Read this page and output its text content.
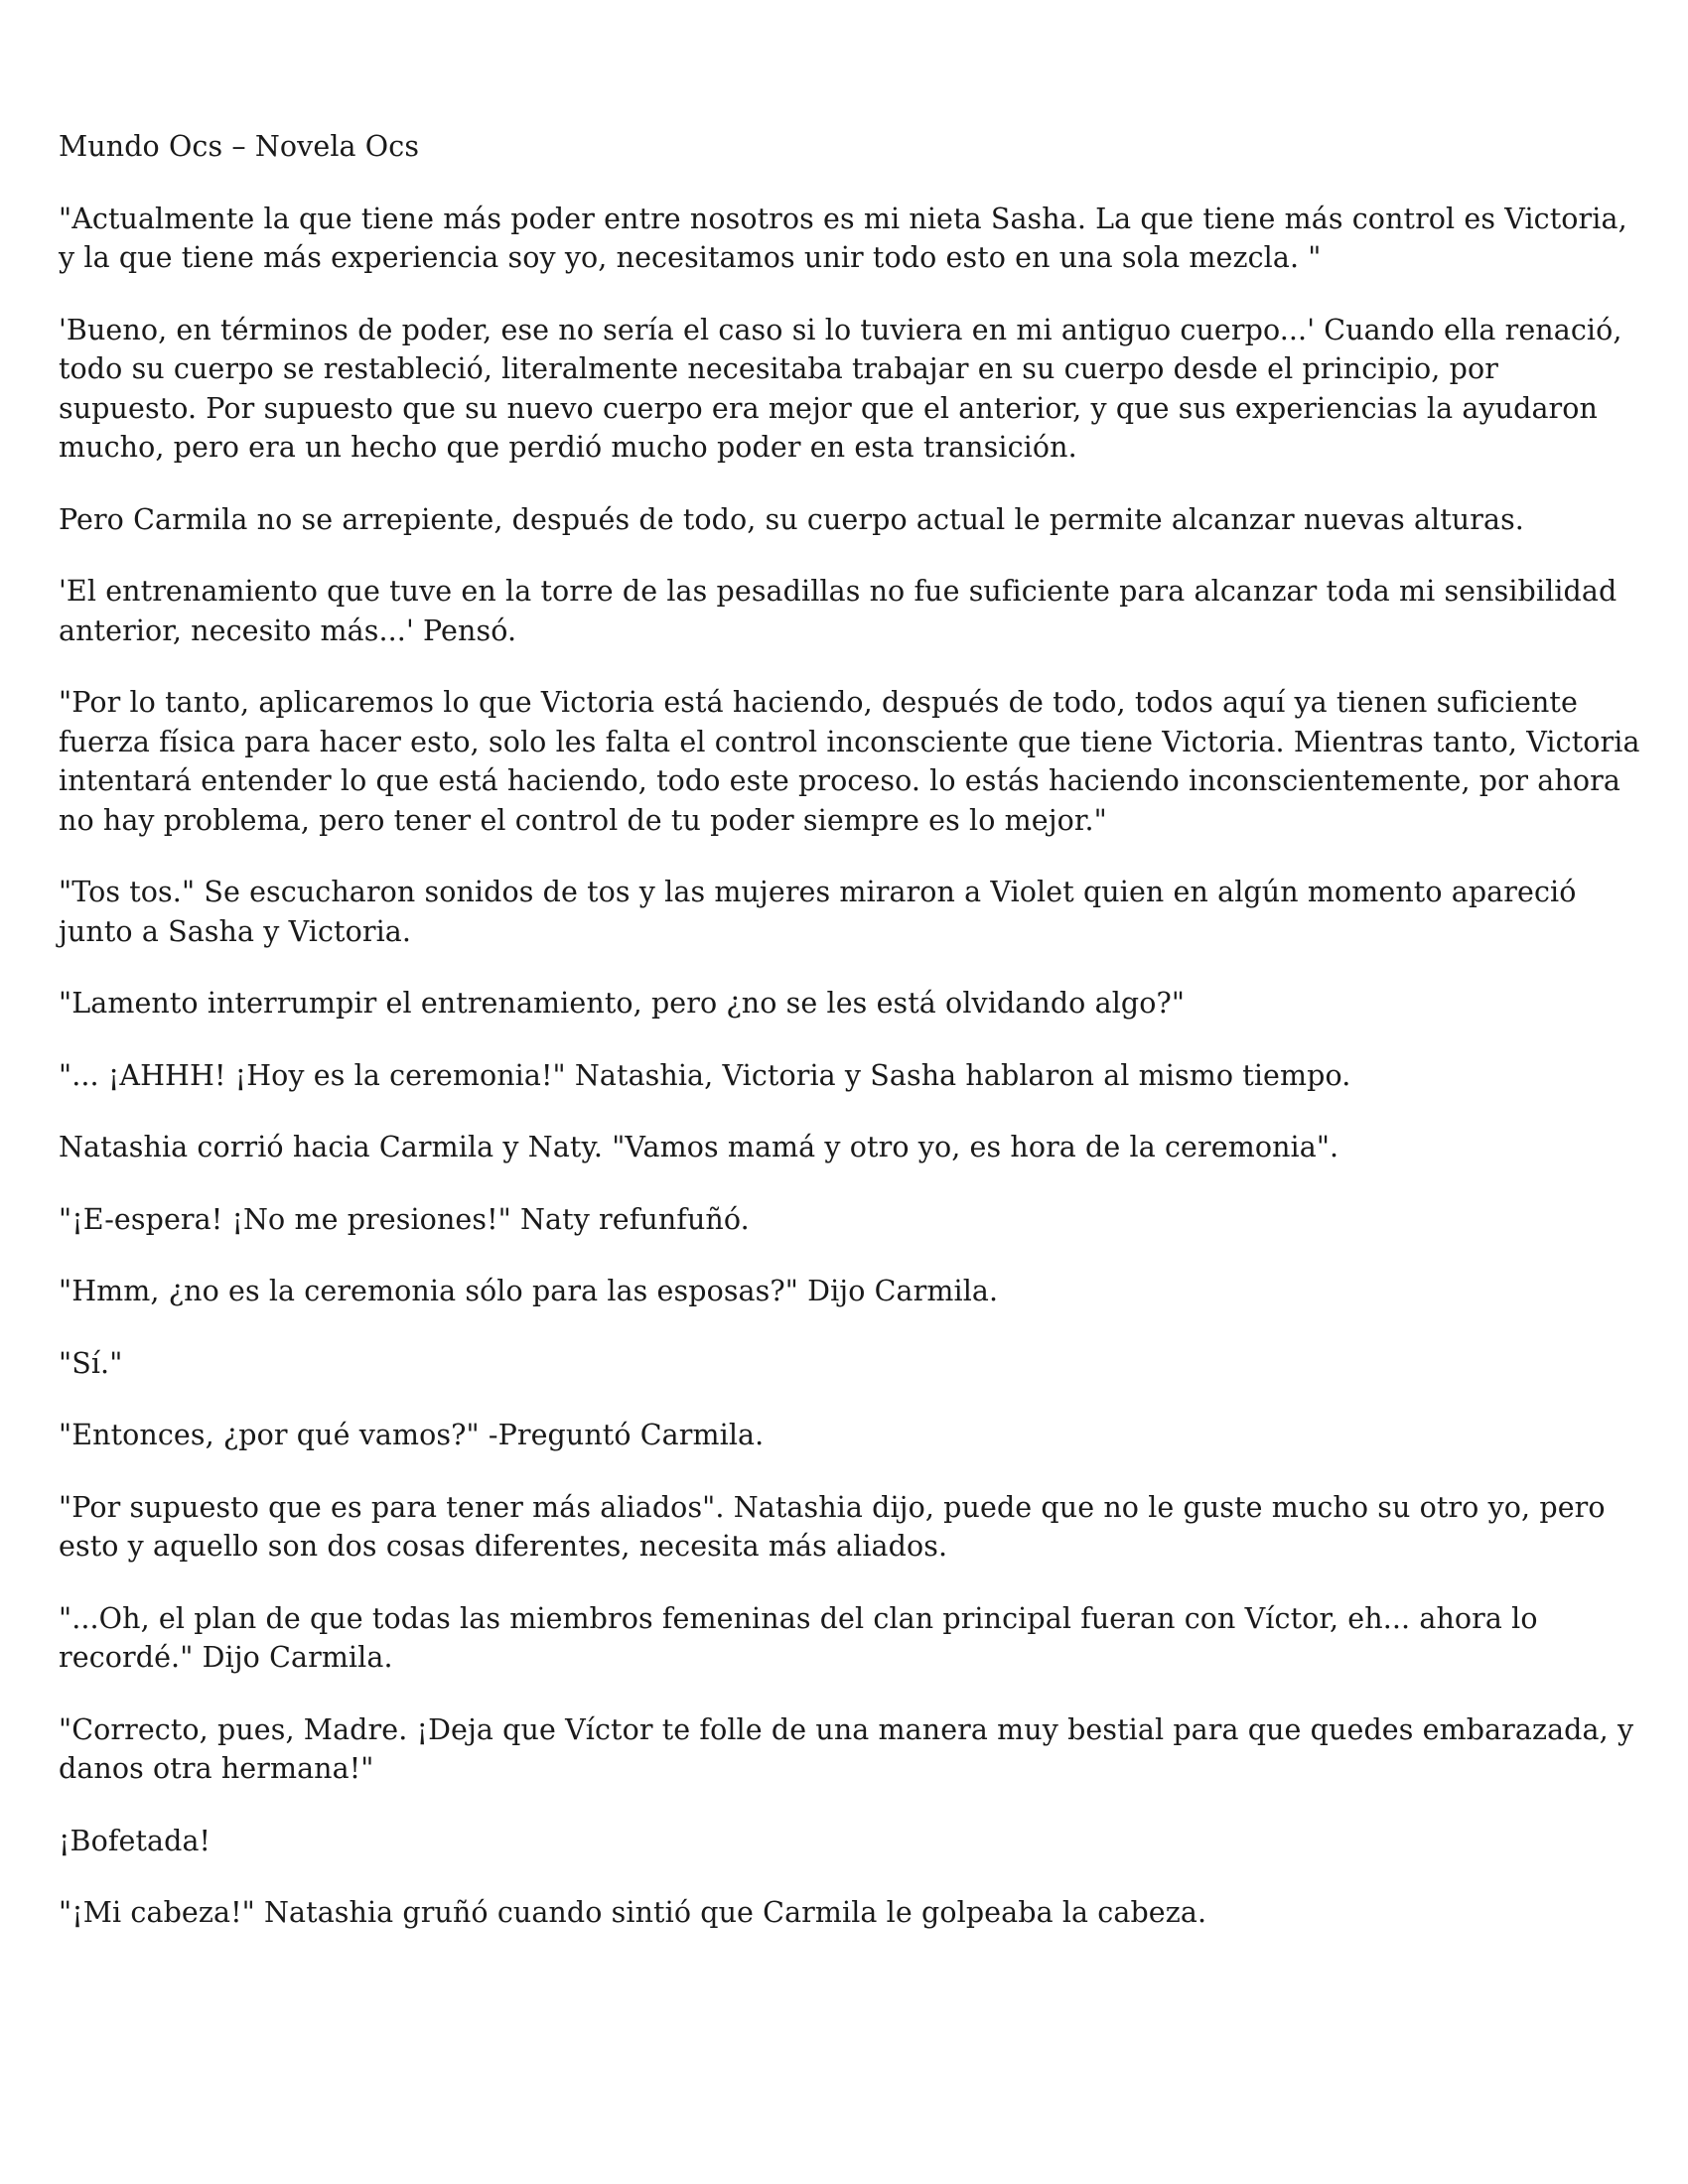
Mundo Ocs – Novela Ocs

"Actualmente la que tiene más poder entre nosotros es mi nieta Sasha. La que tiene más control es Victoria, y la que tiene más experiencia soy yo, necesitamos unir todo esto en una sola mezcla. "

'Bueno, en términos de poder, ese no sería el caso si lo tuviera en mi antiguo cuerpo...' Cuando ella renació, todo su cuerpo se restableció, literalmente necesitaba trabajar en su cuerpo desde el principio, por supuesto. Por supuesto que su nuevo cuerpo era mejor que el anterior, y que sus experiencias la ayudaron mucho, pero era un hecho que perdió mucho poder en esta transición.

Pero Carmila no se arrepiente, después de todo, su cuerpo actual le permite alcanzar nuevas alturas.

'El entrenamiento que tuve en la torre de las pesadillas no fue suficiente para alcanzar toda mi sensibilidad anterior, necesito más...' Pensó.

"Por lo tanto, aplicaremos lo que Victoria está haciendo, después de todo, todos aquí ya tienen suficiente fuerza física para hacer esto, solo les falta el control inconsciente que tiene Victoria. Mientras tanto, Victoria intentará entender lo que está haciendo, todo este proceso. lo estás haciendo inconscientemente, por ahora no hay problema, pero tener el control de tu poder siempre es lo mejor."

"Tos tos." Se escucharon sonidos de tos y las mujeres miraron a Violet quien en algún momento apareció junto a Sasha y Victoria.

"Lamento interrumpir el entrenamiento, pero ¿no se les está olvidando algo?"

"... ¡AHHH! ¡Hoy es la ceremonia!" Natashia, Victoria y Sasha hablaron al mismo tiempo.

Natashia corrió hacia Carmila y Naty. "Vamos mamá y otro yo, es hora de la ceremonia".

"¡E-espera! ¡No me presiones!" Naty refunfuñó.

"Hmm, ¿no es la ceremonia sólo para las esposas?" Dijo Carmila.

"Sí."

"Entonces, ¿por qué vamos?" -Preguntó Carmila.

"Por supuesto que es para tener más aliados". Natashia dijo, puede que no le guste mucho su otro yo, pero esto y aquello son dos cosas diferentes, necesita más aliados.

"...Oh, el plan de que todas las miembros femeninas del clan principal fueran con Víctor, eh... ahora lo recordé." Dijo Carmila.

"Correcto, pues, Madre. ¡Deja que Víctor te folle de una manera muy bestial para que quedes embarazada, y danos otra hermana!"

¡Bofetada!

"¡Mi cabeza!" Natashia gruñó cuando sintió que Carmila le golpeaba la cabeza.
